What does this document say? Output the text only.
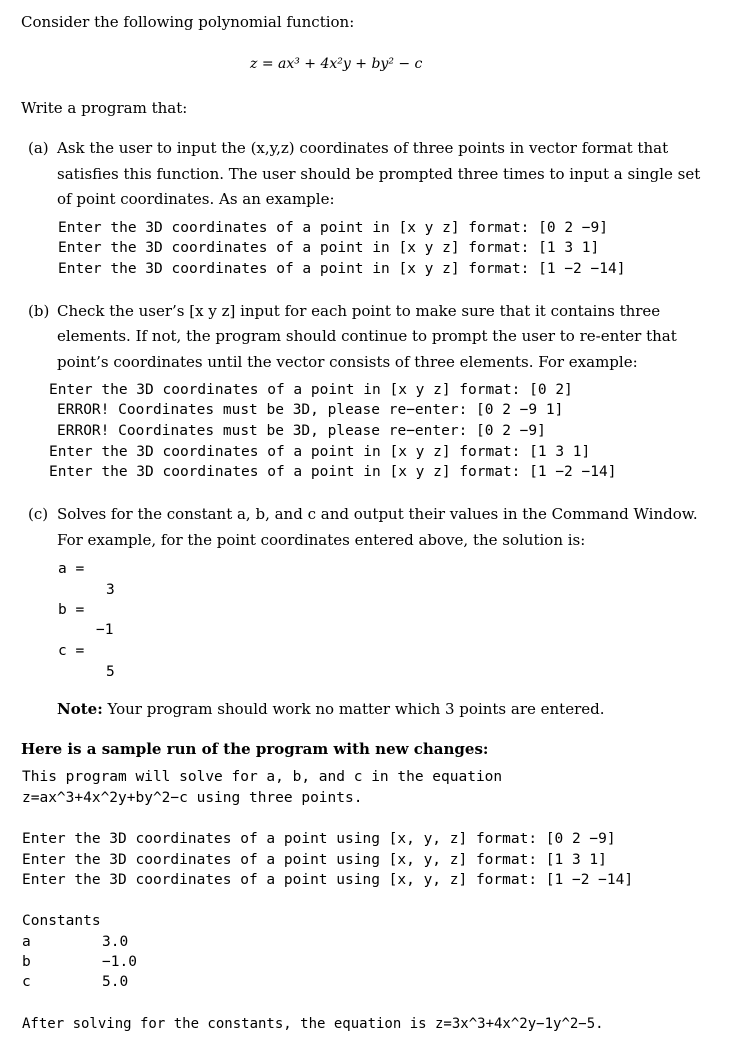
Consider the following polynomial function:
z = ax³ + 4x²y + by² − c
Write a program that:
(a) Ask the user to input the (x,y,z) coordinates of three points in vector format that
satisfies this function. The user should be prompted three times to input a single set
of point coordinates. As an example:
Enter the 3D coordinates of a point in [x y z] format: [0 2 −9]
Enter the 3D coordinates of a point in [x y z] format: [1 3 1]
Enter the 3D coordinates of a point in [x y z] format: [1 −2 −14]
(b) Check the user’s [x y z] input for each point to make sure that it contains three
elements. If not, the program should continue to prompt the user to re-enter that
point’s coordinates until the vector consists of three elements. For example:
Enter the 3D coordinates of a point in [x y z] format: [0 2]
ERROR! Coordinates must be 3D, please re−enter: [0 2 −9 1]
ERROR! Coordinates must be 3D, please re−enter: [0 2 −9]
Enter the 3D coordinates of a point in [x y z] format: [1 3 1]
Enter the 3D coordinates of a point in [x y z] format: [1 −2 −14]
(c) Solves for the constant a, b, and c and output their values in the Command Window.
For example, for the point coordinates entered above, the solution is:
a =
3
b =
−1
c =
5
Note: Your program should work no matter which 3 points are entered.
Here is a sample run of the program with new changes:
This program will solve for a, b, and c in the equation
z=ax^3+4x^2y+by^2−c using three points.
Enter the 3D coordinates of a point using [x, y, z] format: [0 2 −9]
Enter the 3D coordinates of a point using [x, y, z] format: [1 3 1]
Enter the 3D coordinates of a point using [x, y, z] format: [1 −2 −14]
Constants
a	3.0
b	−1.0
c	5.0
After solving for the constants, the equation is z=3x^3+4x^2y−1y^2−5.
